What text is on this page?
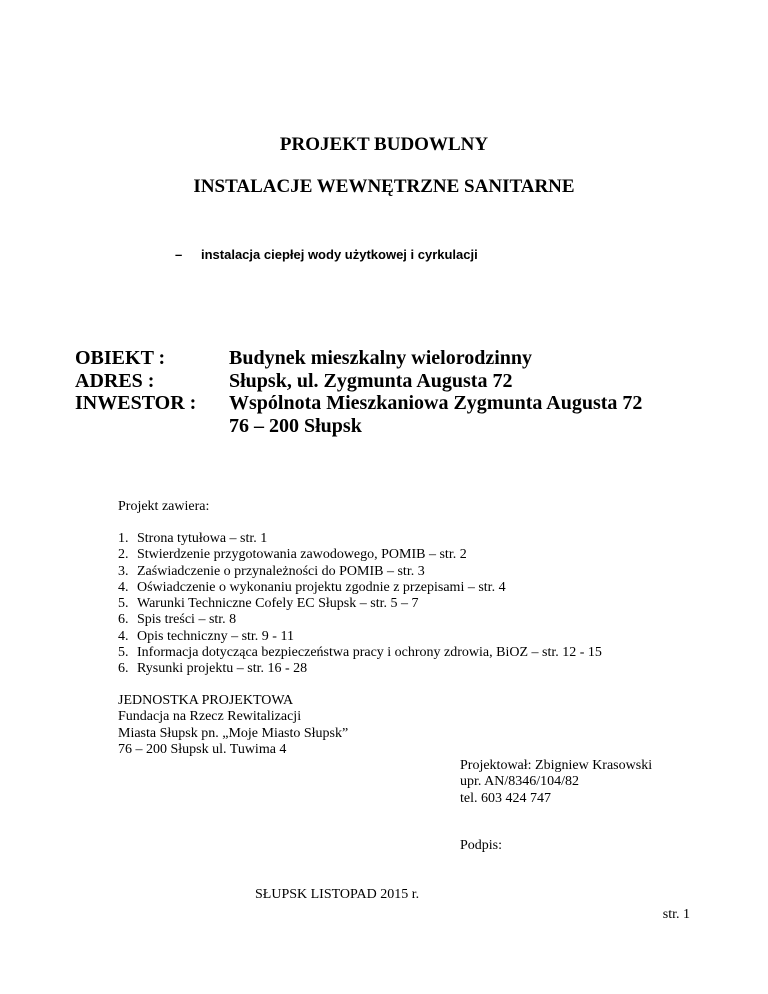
PROJEKT BUDOWLNY
INSTALACJE WEWNĘTRZNE SANITARNE
– instalacja ciepłej wody użytkowej i cyrkulacji
OBIEKT :	Budynek mieszkalny wielorodzinny
ADRES :	Słupsk, ul. Zygmunta Augusta 72
INWESTOR : Wspólnota Mieszkaniowa Zygmunta Augusta 72
76 – 200 Słupsk
Projekt zawiera:
1. Strona tytułowa – str. 1
2. Stwierdzenie przygotowania zawodowego, POMIB – str. 2
3. Zaświadczenie o przynależności do POMIB – str. 3
4. Oświadczenie o wykonaniu projektu zgodnie z przepisami – str. 4
5. Warunki Techniczne Cofely EC Słupsk – str. 5 – 7
6. Spis treści – str. 8
4. Opis techniczny – str. 9 - 11
5. Informacja dotycząca bezpieczeństwa pracy i ochrony zdrowia, BiOZ – str. 12 - 15
6. Rysunki projektu – str. 16 - 28
JEDNOSTKA PROJEKTOWA
Fundacja na Rzecz Rewitalizacji
Miasta Słupsk pn. „Moje Miasto Słupsk”
76 – 200 Słupsk ul. Tuwima 4
Projektował: Zbigniew Krasowski
upr. AN/8346/104/82
tel. 603 424 747
Podpis:
SŁUPSK LISTOPAD 2015 r.
str. 1
